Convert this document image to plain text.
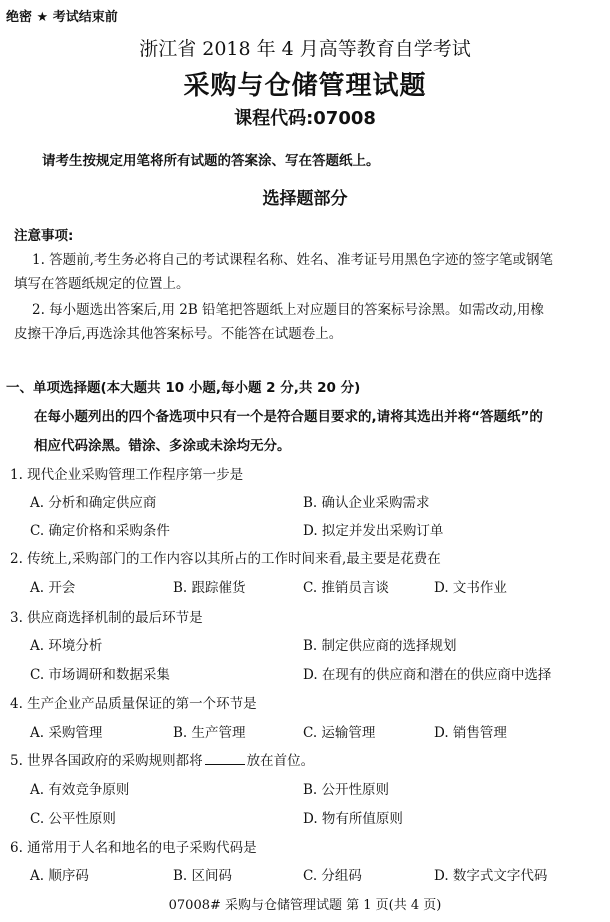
绝密 ★ 考试结束前
浙江省 2018 年 4 月高等教育自学考试
采购与仓储管理试题
课程代码:07008
请考生按规定用笔将所有试题的答案涂、写在答题纸上。
选择题部分
注意事项:
1. 答题前,考生务必将自己的考试课程名称、姓名、准考证号用黑色字迹的签字笔或钢笔
填写在答题纸规定的位置上。
2. 每小题选出答案后,用 2B 铅笔把答题纸上对应题目的答案标号涂黑。如需改动,用橡
皮擦干净后,再选涂其他答案标号。不能答在试题卷上。
一、单项选择题(本大题共 10 小题,每小题 2 分,共 20 分)
在每小题列出的四个备选项中只有一个是符合题目要求的,请将其选出并将“答题纸”的
相应代码涂黑。错涂、多涂或未涂均无分。
1. 现代企业采购管理工作程序第一步是
A. 分析和确定供应商	B. 确认企业采购需求
C. 确定价格和采购条件	D. 拟定并发出采购订单
2. 传统上,采购部门的工作内容以其所占的工作时间来看,最主要是花费在
A. 开会	B. 跟踪催货	C. 推销员言谈	D. 文书作业
3. 供应商选择机制的最后环节是
A. 环境分析	B. 制定供应商的选择规划
C. 市场调研和数据采集	D. 在现有的供应商和潜在的供应商中选择
4. 生产企业产品质量保证的第一个环节是
A. 采购管理	B. 生产管理	C. 运输管理	D. 销售管理
5. 世界各国政府的采购规则都将	放在首位。
A. 有效竞争原则	B. 公开性原则
C. 公平性原则	D. 物有所值原则
6. 通常用于人名和地名的电子采购代码是
A. 顺序码	B. 区间码	C. 分组码	D. 数字式文字代码
07008# 采购与仓储管理试题 第 1 页(共 4 页)
